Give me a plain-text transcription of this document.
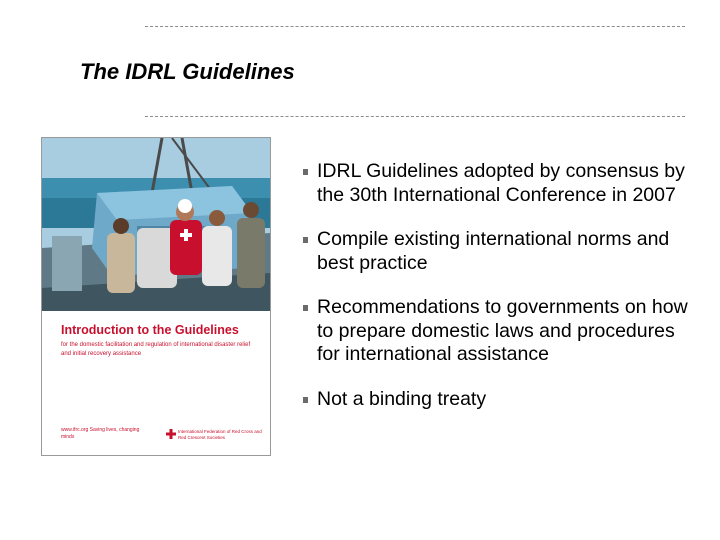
The IDRL Guidelines
Introduction to the Guidelines
for the domestic facilitation and regulation of international disaster relief and initial recovery assistance
www.ifrc.org Saving lives, changing minds
International Federation of Red Cross and Red Crescent Societies
IDRL Guidelines adopted by consensus by the 30th International Conference in 2007
Compile existing international norms and best practice
Recommendations to governments on how to prepare domestic laws and procedures for international assistance
Not a binding treaty
